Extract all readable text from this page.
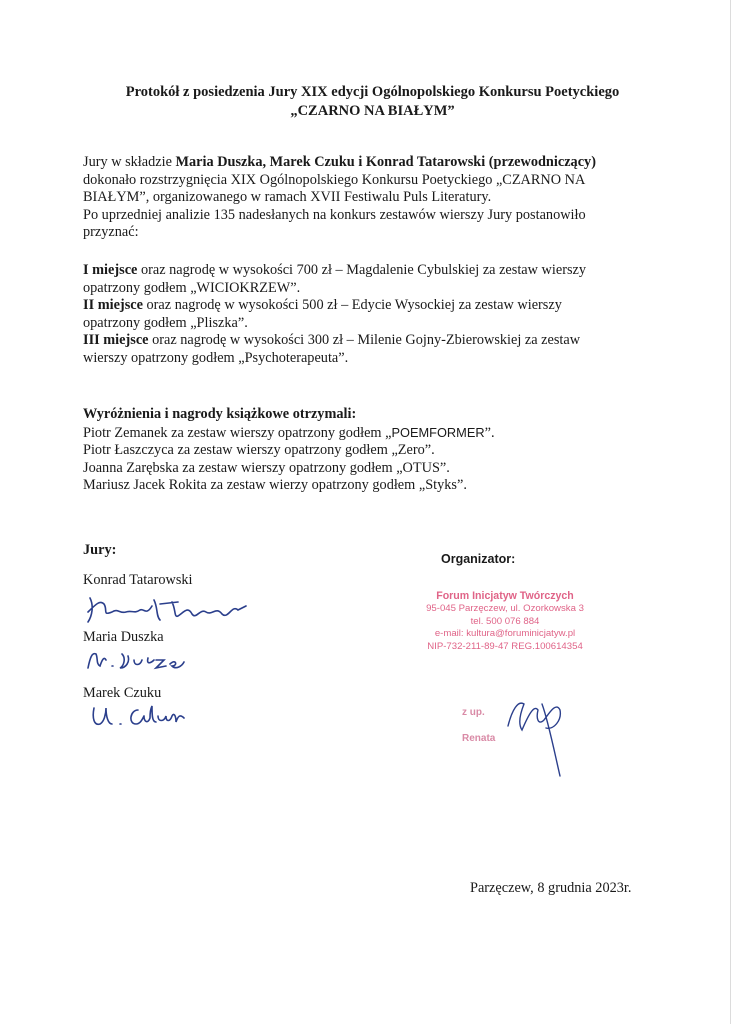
Protokół z posiedzenia Jury XIX edycji Ogólnopolskiego Konkursu Poetyckiego
„CZARNO NA BIAŁYM”

Jury w składzie Maria Duszka, Marek Czuku i Konrad Tatarowski (przewodniczący)

dokonało rozstrzygnięcia XIX Ogólnopolskiego Konkursu Poetyckiego „CZARNO NA

BIAŁYM”, organizowanego w ramach XVII Festiwalu Puls Literatury.

Po uprzedniej analizie 135 nadesłanych na konkurs zestawów wierszy Jury postanowiło

przyznać:

I miejsce oraz nagrodę w wysokości 700 zł – Magdalenie Cybulskiej za zestaw wierszy

opatrzony godłem „WICIOKRZEW”.

II miejsce oraz nagrodę w wysokości 500 zł – Edycie Wysockiej za zestaw wierszy

opatrzony godłem „Pliszka”.

III miejsce oraz nagrodę w wysokości 300 zł – Milenie Gojny-Zbierowskiej za zestaw

wierszy opatrzony godłem „Psychoterapeuta”.

Wyróżnienia i nagrody książkowe otrzymali:

Piotr Zemanek za zestaw wierszy opatrzony godłem „POEMFORMER”.

Piotr Łaszczyca za zestaw wierszy opatrzony godłem „Zero”.

Joanna Zarębska za zestaw wierszy opatrzony godłem „OTUS”.

Mariusz Jacek Rokita za zestaw wierzy opatrzony godłem „Styks”.

Jury:
Organizator:
Konrad Tatarowski
Maria Duszka
Marek Czuku
Forum Inicjatyw Twórczych
95-045 Parzęczew, ul. Ozorkowska 3
tel. 500 076 884
e-mail: kultura@foruminicjatyw.pl
NIP-732-211-89-47 REG.100614354
z up.
Renata
Parzęczew, 8 grudnia 2023r.
